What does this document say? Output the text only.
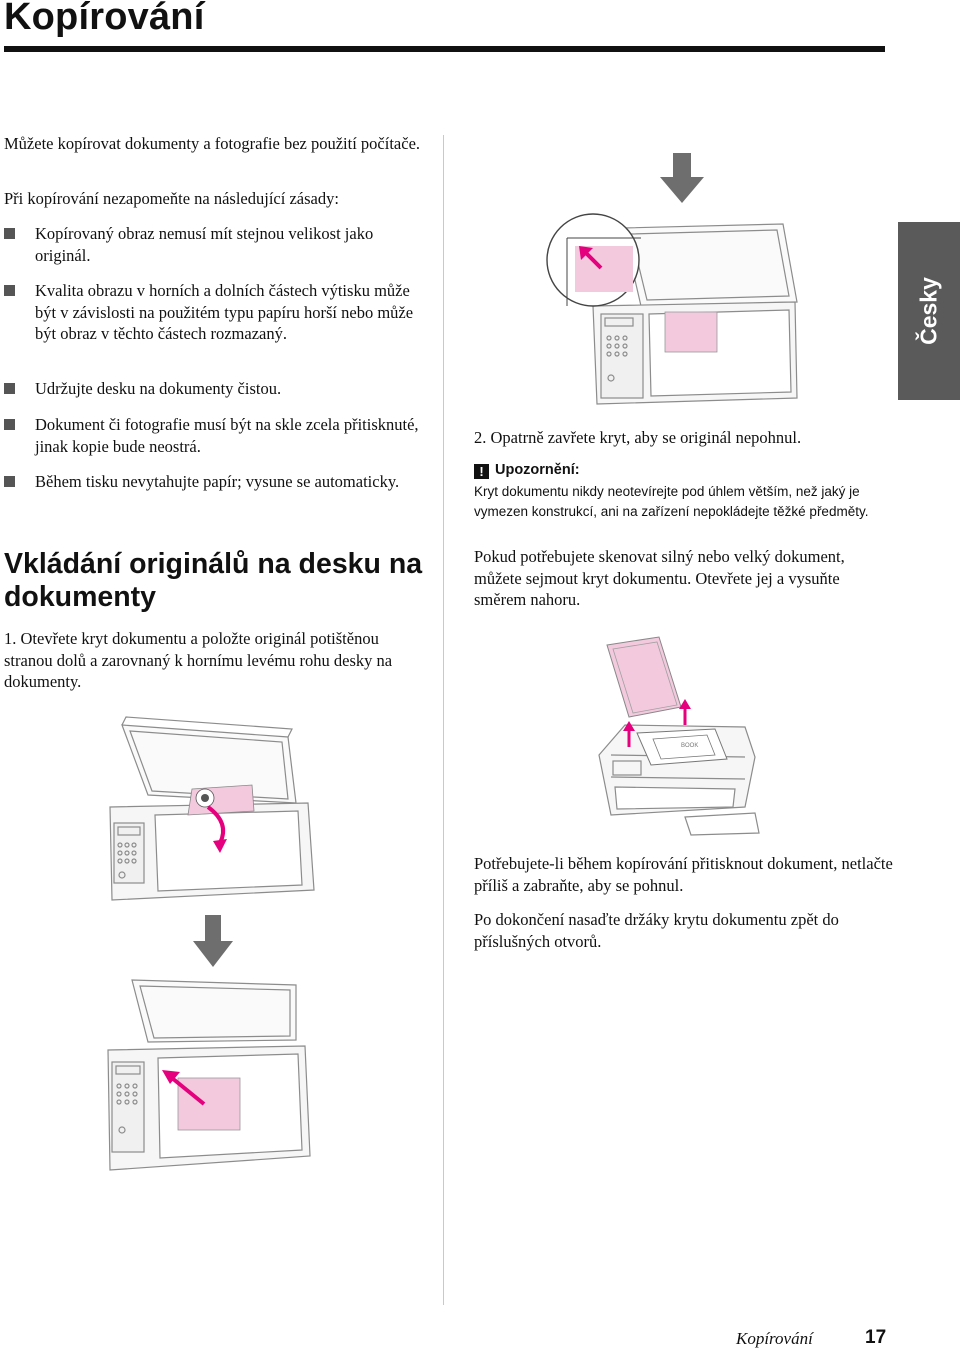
Kopírování
Česky

Můžete kopírovat dokumenty a fotografie bez použití počítače.

Při kopírování nezapomeňte na následující zásady:

Kopírovaný obraz nemusí mít stejnou velikost jako originál.
Kvalita obrazu v horních a dolních částech výtisku může být v závislosti na použitém typu papíru horší nebo může být obraz v těchto částech rozmazaný.
Udržujte desku na dokumenty čistou.
Dokument či fotografie musí být na skle zcela přitisknuté, jinak kopie bude neostrá.
Během tisku nevytahujte papír; vysune se automaticky.
Vkládání originálů na desku na dokumenty

1. Otevřete kryt dokumentu a položte originál potištěnou stranou dolů a zarovnaný k hornímu levému rohu desky na dokumenty.

2. Opatrně zavřete kryt, aby se originál nepohnul.

! Upozornění:
Kryt dokumentu nikdy neotevírejte pod úhlem větším, než jaký je vymezen konstrukcí, ani na zařízení nepokládejte těžké předměty.

Pokud potřebujete skenovat silný nebo velký dokument, můžete sejmout kryt dokumentu. Otevřete jej a vysuňte směrem nahoru.

BOOK

Potřebujete-li během kopírování přitisknout dokument, netlačte příliš a zabraňte, aby se pohnul.

Po dokončení nasaďte držáky krytu dokumentu zpět do příslušných otvorů.

Kopírování	17
